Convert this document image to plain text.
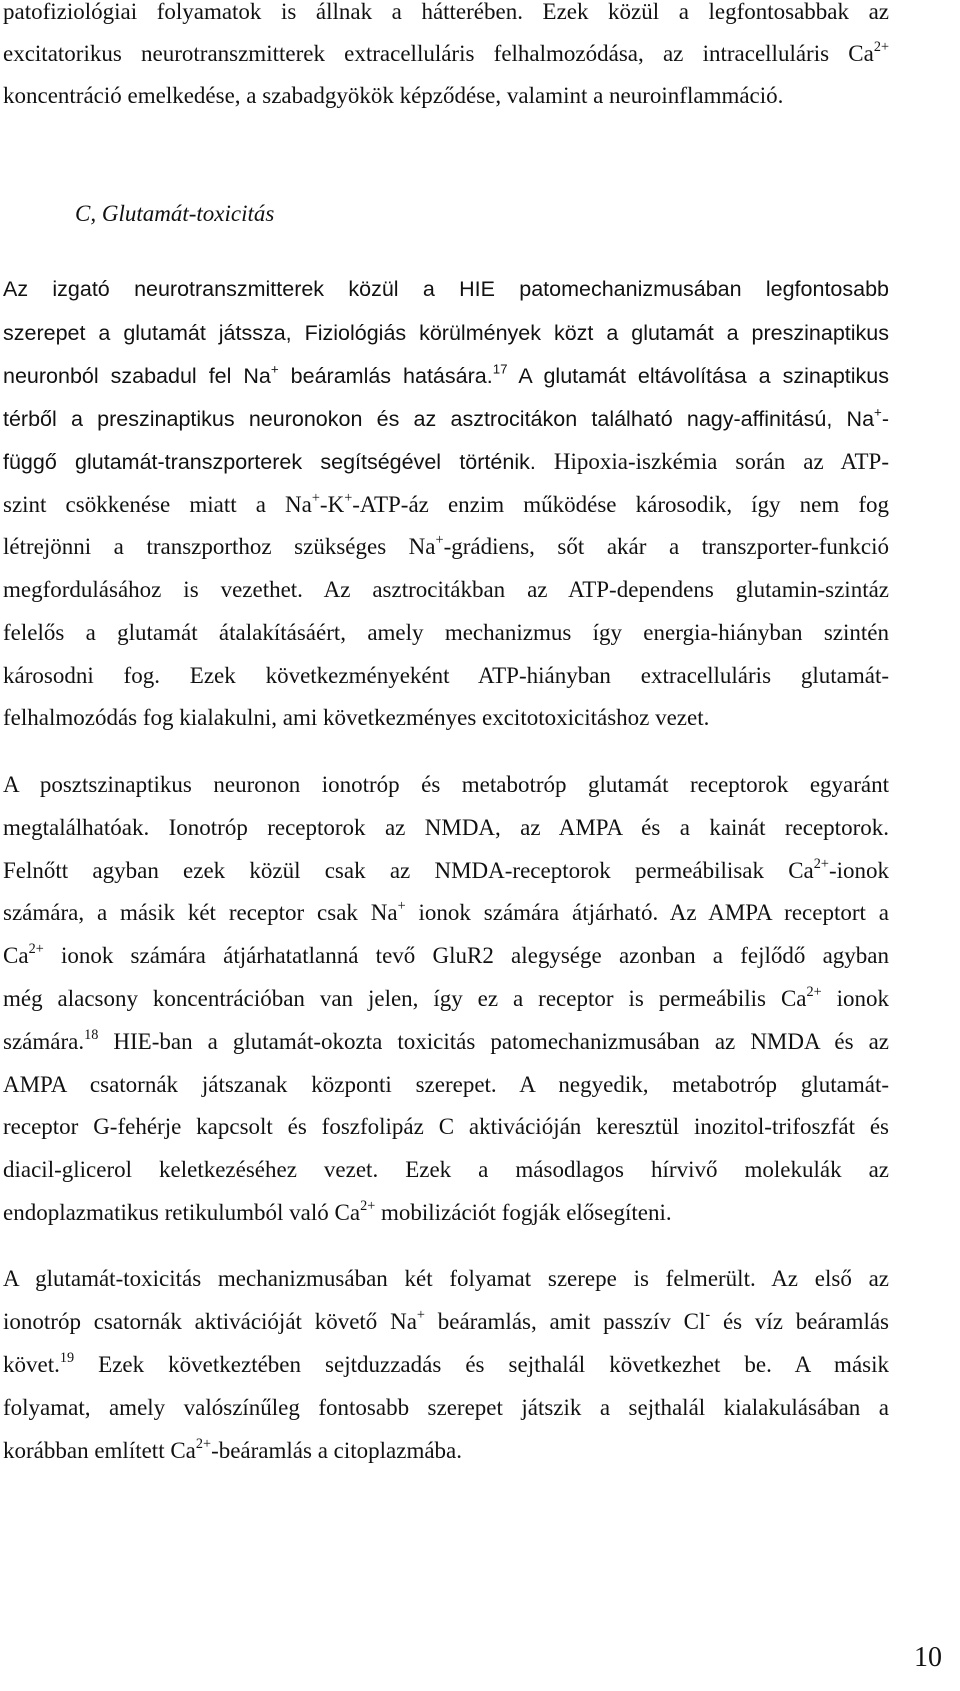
patofiziológiai folyamatok is állnak a hátterében. Ezek közül a legfontosabbak az
excitatorikus neurotranszmitterek extracelluláris felhalmozódása, az intracelluláris $Ca^{2+}$
koncentráció emelkedése, a szabadgyökök képződése, valamint a neuroinflammáció.
C, Glutamát-toxicitás
Az izgató neurotranszmitterek közül a HIE patomechanizmusában legfontosabb
szerepet a glutamát játssza, Fiziológiás körülmények közt a glutamát a preszinaptikus
neuronból szabadul fel Na+ beáramlás hatására.$^{17}$ A glutamát eltávolítása a szinaptikus
térből a preszinaptikus neuronokon és az asztrocitákon található nagy-affinitású, Na+-
függő glutamát-transzporterek segítségével történik. Hipoxia-iszkémia során az ATP-
szint csökkenése miatt a Na+-K+-ATP-áz enzim működése károsodik, így nem fog
létrejönni a transzporthoz szükséges Na+-grádiens, sőt akár a transzporter-funkció
megfordulásához is vezethet. Az asztrocitákban az ATP-dependens glutamin-szintáz
felelős a glutamát átalakításáért, amely mechanizmus így energia-hiányban szintén
károsodni fog. Ezek következményeként ATP-hiányban extracelluláris glutamát-
felhalmozódás fog kialakulni, ami következményes excitotoxicitáshoz vezet.
A posztszinaptikus neuronon ionotróp és metabotróp glutamát receptorok egyaránt
megtalálhatóak. Ionotróp receptorok az NMDA, az AMPA és a kainát receptorok.
Felnőtt agyban ezek közül csak az NMDA-receptorok permeábilisak $Ca^{2+}$-ionok
számára, a másik két receptor csak Na+ ionok számára átjárható. Az AMPA receptort a
$Ca^{2+}$ ionok számára átjárhatatlanná tevő GluR2 alegysége azonban a fejlődő agyban
még alacsony koncentrációban van jelen, így ez a receptor is permeábilis $Ca^{2+}$ ionok
számára.$^{18}$ HIE-ban a glutamát-okozta toxicitás patomechanizmusában az NMDA és az
AMPA csatornák játszanak központi szerepet. A negyedik, metabotróp glutamát-
receptor G-fehérje kapcsolt és foszfolipáz C aktivációján keresztül inozitol-trifoszfát és
diacil-glicerol keletkezéséhez vezet. Ezek a másodlagos hírvivő molekulák az
endoplazmatikus retikulumból való $Ca^{2+}$ mobilizációt fogják elősegíteni.
A glutamát-toxicitás mechanizmusában két folyamat szerepe is felmerült. Az első az
ionotróp csatornák aktivációját követő Na+ beáramlás, amit passzív Cl- és víz beáramlás
követ.$^{19}$ Ezek következtében sejtduzzadás és sejthalál következhet be. A másik
folyamat, amely valószínűleg fontosabb szerepet játszik a sejthalál kialakulásában a
korábban említett $Ca^{2+}$-beáramlás a citoplazmába.
10
